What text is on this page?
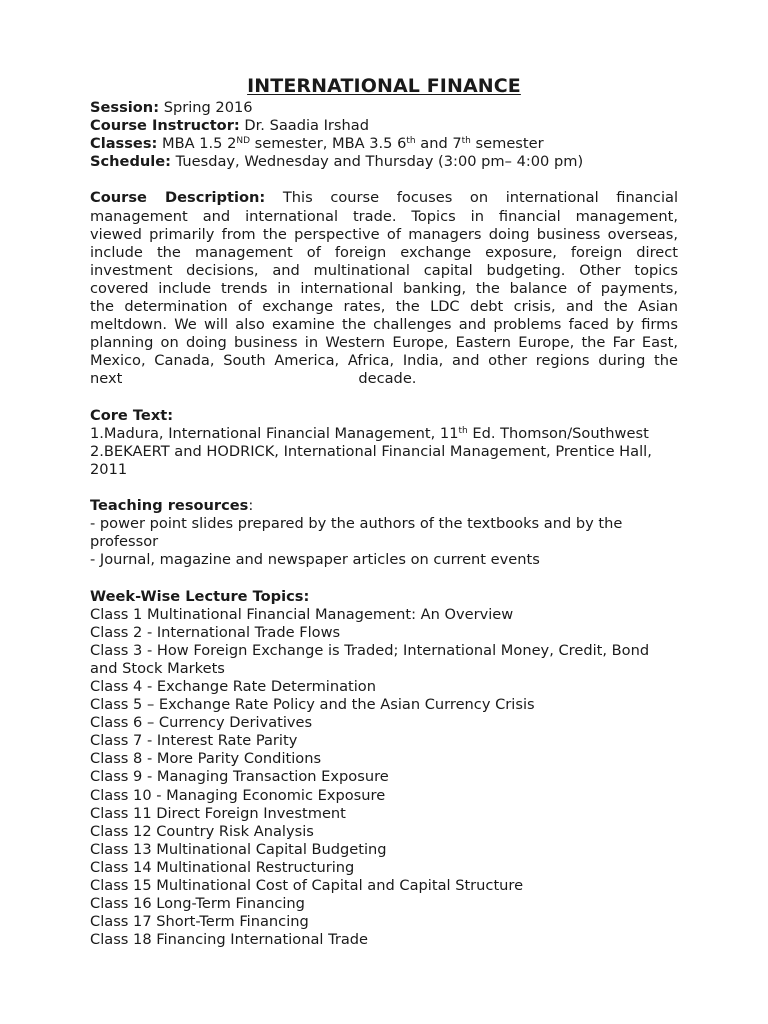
INTERNATIONAL FINANCE

Session: Spring 2016

Course Instructor: Dr. Saadia Irshad

Classes: MBA 1.5 2ND semester, MBA 3.5 6th and 7th semester

Schedule: Tuesday, Wednesday and Thursday (3:00 pm– 4:00 pm)

Course Description: This course focuses on international financial
management and international trade. Topics in financial management,
viewed primarily from the perspective of managers doing business overseas,
include the management of foreign exchange exposure, foreign direct
investment decisions, and multinational capital budgeting. Other topics
covered include trends in international banking, the balance of payments,
the determination of exchange rates, the LDC debt crisis, and the Asian
meltdown. We will also examine the challenges and problems faced by firms
planning on doing business in Western Europe, Eastern Europe, the Far East,
Mexico, Canada, South America, Africa, India, and other regions during the
next	decade.

Core Text:

1.Madura, International Financial Management, 11th Ed. Thomson/Southwest

2.BEKAERT and HODRICK, International Financial Management, Prentice Hall, 2011

Teaching resources:

- power point slides prepared by the authors of the textbooks and by the professor

- Journal, magazine and newspaper articles on current events

Week-Wise Lecture Topics:

Class 1 Multinational Financial Management: An Overview
Class 2 - International Trade Flows
Class 3 - How Foreign Exchange is Traded; International Money, Credit, Bond and Stock Markets
Class 4 - Exchange Rate Determination
Class 5 – Exchange Rate Policy and the Asian Currency Crisis
Class 6 – Currency Derivatives
Class 7 - Interest Rate Parity
Class 8 - More Parity Conditions
Class 9 - Managing Transaction Exposure
Class 10 - Managing Economic Exposure
Class 11 Direct Foreign Investment
Class 12 Country Risk Analysis
Class 13 Multinational Capital Budgeting
Class 14 Multinational Restructuring
Class 15 Multinational Cost of Capital and Capital Structure
Class 16 Long-Term Financing
Class 17 Short-Term Financing
Class 18 Financing International Trade
